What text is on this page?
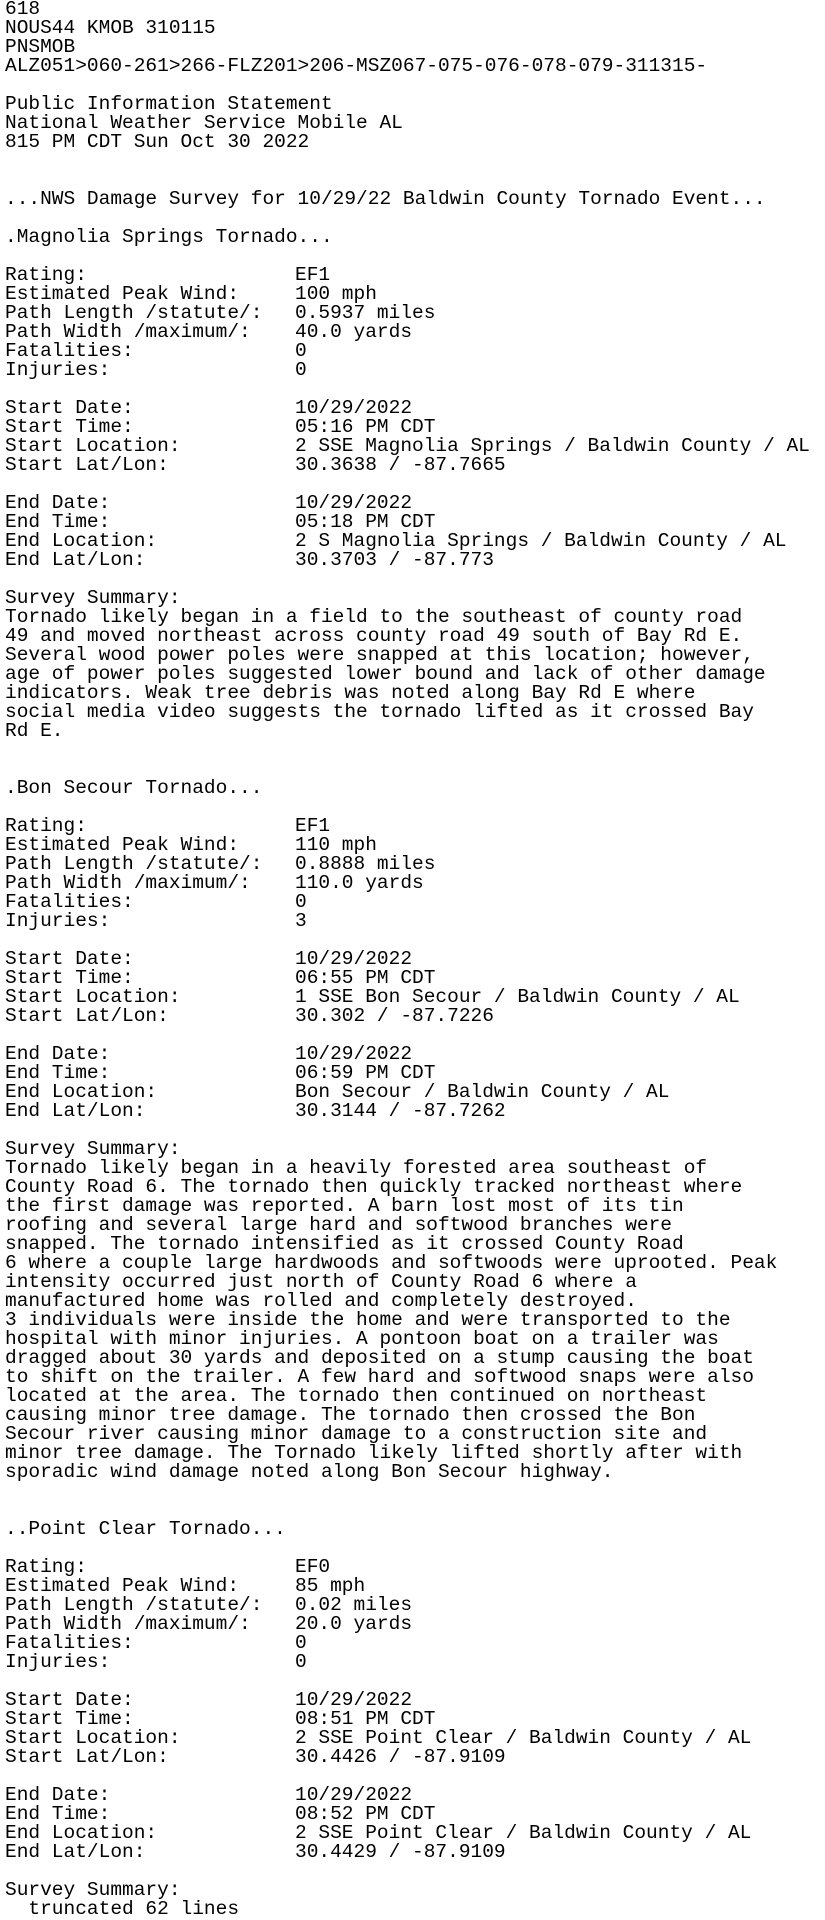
618
NOUS44 KMOB 310115
PNSMOB
ALZ051>060-261>266-FLZ201>206-MSZ067-075-076-078-079-311315-
Public Information Statement
National Weather Service Mobile AL
815 PM CDT Sun Oct 30 2022
...NWS Damage Survey for 10/29/22 Baldwin County Tornado Event...
.Magnolia Springs Tornado...
Rating:	EF1
Estimated Peak Wind:	100 mph
Path Length /statute/: 0.5937 miles
Path Width /maximum/: 40.0 yards
Fatalities:	0
Injuries:	0
Start Date:	10/29/2022
Start Time:	05:16 PM CDT
Start Location:	2 SSE Magnolia Springs / Baldwin County / AL
Start Lat/Lon:	30.3638 / -87.7665
End Date:	10/29/2022
End Time:	05:18 PM CDT
End Location:	2 S Magnolia Springs / Baldwin County / AL
End Lat/Lon:	30.3703 / -87.773
Survey Summary:
Tornado likely began in a field to the southeast of county road
49 and moved northeast across county road 49 south of Bay Rd E.
Several wood power poles were snapped at this location; however,
age of power poles suggested lower bound and lack of other damage
indicators. Weak tree debris was noted along Bay Rd E where
social media video suggests the tornado lifted as it crossed Bay
Rd E.
.Bon Secour Tornado...
Rating:	EF1
Estimated Peak Wind:	110 mph
Path Length /statute/: 0.8888 miles
Path Width /maximum/: 110.0 yards
Fatalities:	0
Injuries:	3
Start Date:	10/29/2022
Start Time:	06:55 PM CDT
Start Location:	1 SSE Bon Secour / Baldwin County / AL
Start Lat/Lon:	30.302 / -87.7226
End Date:	10/29/2022
End Time:	06:59 PM CDT
End Location:	Bon Secour / Baldwin County / AL
End Lat/Lon:	30.3144 / -87.7262
Survey Summary:
Tornado likely began in a heavily forested area southeast of
County Road 6. The tornado then quickly tracked northeast where
the first damage was reported. A barn lost most of its tin
roofing and several large hard and softwood branches were
snapped. The tornado intensified as it crossed County Road
6 where a couple large hardwoods and softwoods were uprooted. Peak
intensity occurred just north of County Road 6 where a
manufactured home was rolled and completely destroyed.
3 individuals were inside the home and were transported to the
hospital with minor injuries. A pontoon boat on a trailer was
dragged about 30 yards and deposited on a stump causing the boat
to shift on the trailer. A few hard and softwood snaps were also
located at the area. The tornado then continued on northeast
causing minor tree damage. The tornado then crossed the Bon
Secour river causing minor damage to a construction site and
minor tree damage. The Tornado likely lifted shortly after with
sporadic wind damage noted along Bon Secour highway.
..Point Clear Tornado...
Rating:	EF0
Estimated Peak Wind:	85 mph
Path Length /statute/: 0.02 miles
Path Width /maximum/: 20.0 yards
Fatalities:	0
Injuries:	0
Start Date:	10/29/2022
Start Time:	08:51 PM CDT
Start Location:	2 SSE Point Clear / Baldwin County / AL
Start Lat/Lon:	30.4426 / -87.9109
End Date:	10/29/2022
End Time:	08:52 PM CDT
End Location:	2 SSE Point Clear / Baldwin County / AL
End Lat/Lon:	30.4429 / -87.9109
Survey Summary:
truncated 62 lines
